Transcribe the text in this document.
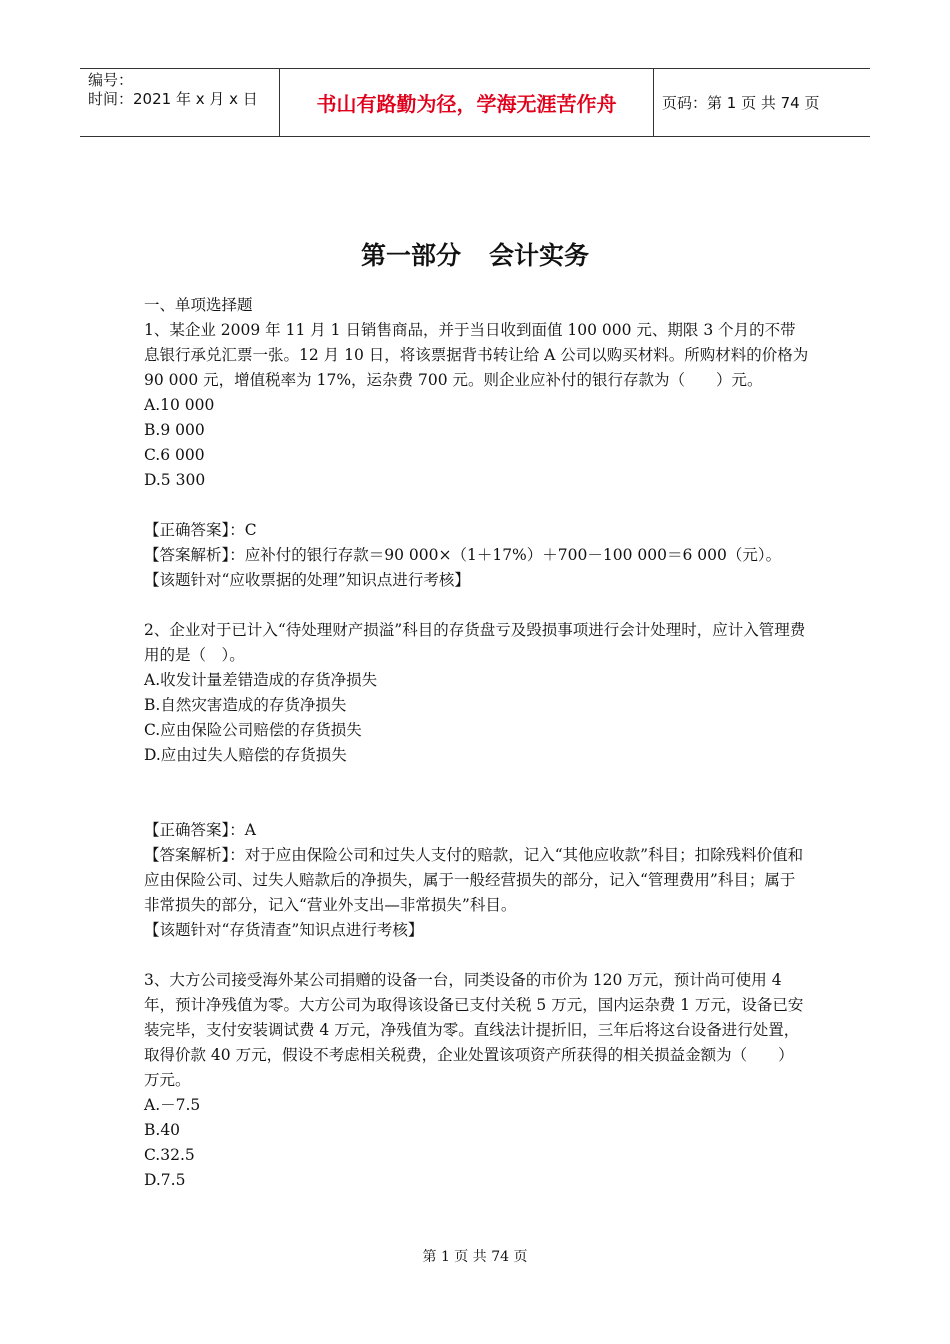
编号：
时间：2021 年 x 月 x 日	书山有路勤为径，学海无涯苦作舟	页码：第 1 页 共 74 页
第一部分 会计实务

一、单项选择题

1、某企业 2009 年 11 月 1 日销售商品，并于当日收到面值 100 000 元、期限 3 个月的不带息银行承兑汇票一张。12 月 10 日，将该票据背书转让给 A 公司以购买材料。所购材料的价格为 90 000 元，增值税率为 17%，运杂费 700 元。则企业应补付的银行存款为（　　）元。

A.10 000

B.9 000

C.6 000

D.5 300

【正确答案】：C

【答案解析】：应补付的银行存款＝90 000×（1＋17%）＋700－100 000＝6 000（元）。

【该题针对“应收票据的处理”知识点进行考核】

2、企业对于已计入“待处理财产损溢”科目的存货盘亏及毁损事项进行会计处理时，应计入管理费用的是（　）。

A.收发计量差错造成的存货净损失

B.自然灾害造成的存货净损失

C.应由保险公司赔偿的存货损失

D.应由过失人赔偿的存货损失

【正确答案】：A

【答案解析】：对于应由保险公司和过失人支付的赔款，记入“其他应收款”科目；扣除残料价值和应由保险公司、过失人赔款后的净损失，属于一般经营损失的部分，记入“管理费用”科目；属于非常损失的部分，记入“营业外支出—非常损失”科目。

【该题针对“存货清查”知识点进行考核】

3、大方公司接受海外某公司捐赠的设备一台，同类设备的市价为 120 万元，预计尚可使用 4 年，预计净残值为零。大方公司为取得该设备已支付关税 5 万元，国内运杂费 1 万元，设备已安装完毕，支付安装调试费 4 万元，净残值为零。直线法计提折旧，三年后将这台设备进行处置，取得价款 40 万元，假设不考虑相关税费，企业处置该项资产所获得的相关损益金额为（　　）万元。

A.－7.5

B.40

C.32.5

D.7.5

第 1 页 共 74 页
